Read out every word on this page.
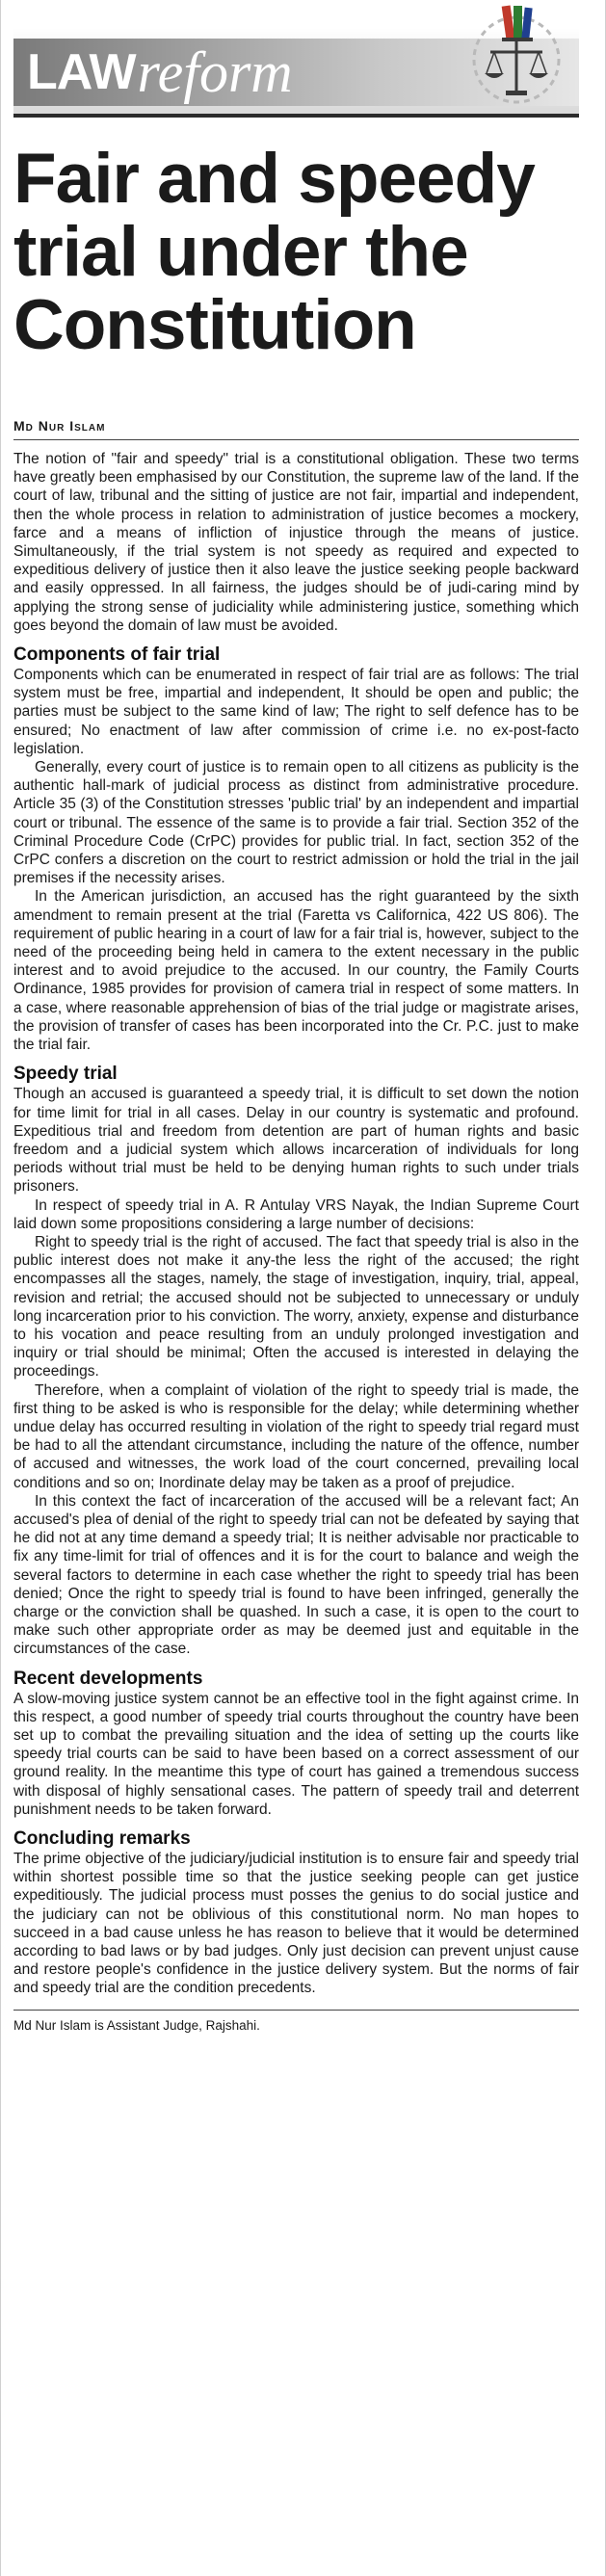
LAW reform
Fair and speedy trial under the Constitution
Md Nur Islam

The notion of "fair and speedy" trial is a constitutional obligation. These two terms have greatly been emphasised by our Constitution, the supreme law of the land. If the court of law, tribunal and the sitting of justice are not fair, impartial and independent, then the whole process in relation to administration of justice becomes a mockery, farce and a means of infliction of injustice through the means of justice. Simultaneously, if the trial system is not speedy as required and expected to expeditious delivery of justice then it also leave the justice seeking people backward and easily oppressed. In all fairness, the judges should be of judi-caring mind by applying the strong sense of judiciality while administering justice, something which goes beyond the domain of law must be avoided.

Components of fair trial

Components which can be enumerated in respect of fair trial are as follows: The trial system must be free, impartial and independent, It should be open and public; the parties must be subject to the same kind of law; The right to self defence has to be ensured; No enactment of law after commission of crime i.e. no ex-post-facto legislation.

Generally, every court of justice is to remain open to all citizens as publicity is the authentic hall-mark of judicial process as distinct from administrative procedure. Article 35 (3) of the Constitution stresses 'public trial' by an independent and impartial court or tribunal. The essence of the same is to provide a fair trial. Section 352 of the Criminal Procedure Code (CrPC) provides for public trial. In fact, section 352 of the CrPC confers a discretion on the court to restrict admission or hold the trial in the jail premises if the necessity arises.

In the American jurisdiction, an accused has the right guaranteed by the sixth amendment to remain present at the trial (Faretta vs Californica, 422 US 806). The requirement of public hearing in a court of law for a fair trial is, however, subject to the need of the proceeding being held in camera to the extent necessary in the public interest and to avoid prejudice to the accused. In our country, the Family Courts Ordinance, 1985 provides for provision of camera trial in respect of some matters. In a case, where reasonable apprehension of bias of the trial judge or magistrate arises, the provision of transfer of cases has been incorporated into the Cr. P.C. just to make the trial fair.

Speedy trial

Though an accused is guaranteed a speedy trial, it is difficult to set down the notion for time limit for trial in all cases. Delay in our country is systematic and profound. Expeditious trial and freedom from detention are part of human rights and basic freedom and a judicial system which allows incarceration of individuals for long periods without trial must be held to be denying human rights to such under trials prisoners.

In respect of speedy trial in A. R Antulay VRS Nayak, the Indian Supreme Court laid down some propositions considering a large number of decisions:

Right to speedy trial is the right of accused. The fact that speedy trial is also in the public interest does not make it any-the less the right of the accused; the right encompasses all the stages, namely, the stage of investigation, inquiry, trial, appeal, revision and retrial; the accused should not be subjected to unnecessary or unduly long incarceration prior to his conviction. The worry, anxiety, expense and disturbance to his vocation and peace resulting from an unduly prolonged investigation and inquiry or trial should be minimal; Often the accused is interested in delaying the proceedings.

Therefore, when a complaint of violation of the right to speedy trial is made, the first thing to be asked is who is responsible for the delay; while determining whether undue delay has occurred resulting in violation of the right to speedy trial regard must be had to all the attendant circumstance, including the nature of the offence, number of accused and witnesses, the work load of the court concerned, prevailing local conditions and so on; Inordinate delay may be taken as a proof of prejudice.

In this context the fact of incarceration of the accused will be a relevant fact; An accused's plea of denial of the right to speedy trial can not be defeated by saying that he did not at any time demand a speedy trial; It is neither advisable nor practicable to fix any time-limit for trial of offences and it is for the court to balance and weigh the several factors to determine in each case whether the right to speedy trial has been denied; Once the right to speedy trial is found to have been infringed, generally the charge or the conviction shall be quashed. In such a case, it is open to the court to make such other appropriate order as may be deemed just and equitable in the circumstances of the case.

Recent developments

A slow-moving justice system cannot be an effective tool in the fight against crime. In this respect, a good number of speedy trial courts throughout the country have been set up to combat the prevailing situation and the idea of setting up the courts like speedy trial courts can be said to have been based on a correct assessment of our ground reality. In the meantime this type of court has gained a tremendous success with disposal of highly sensational cases. The pattern of speedy trail and deterrent punishment needs to be taken forward.

Concluding remarks

The prime objective of the judiciary/judicial institution is to ensure fair and speedy trial within shortest possible time so that the justice seeking people can get justice expeditiously. The judicial process must posses the genius to do social justice and the judiciary can not be oblivious of this constitutional norm. No man hopes to succeed in a bad cause unless he has reason to believe that it would be determined according to bad laws or by bad judges. Only just decision can prevent unjust cause and restore people's confidence in the justice delivery system. But the norms of fair and speedy trial are the condition precedents.

Md Nur Islam is Assistant Judge, Rajshahi.
